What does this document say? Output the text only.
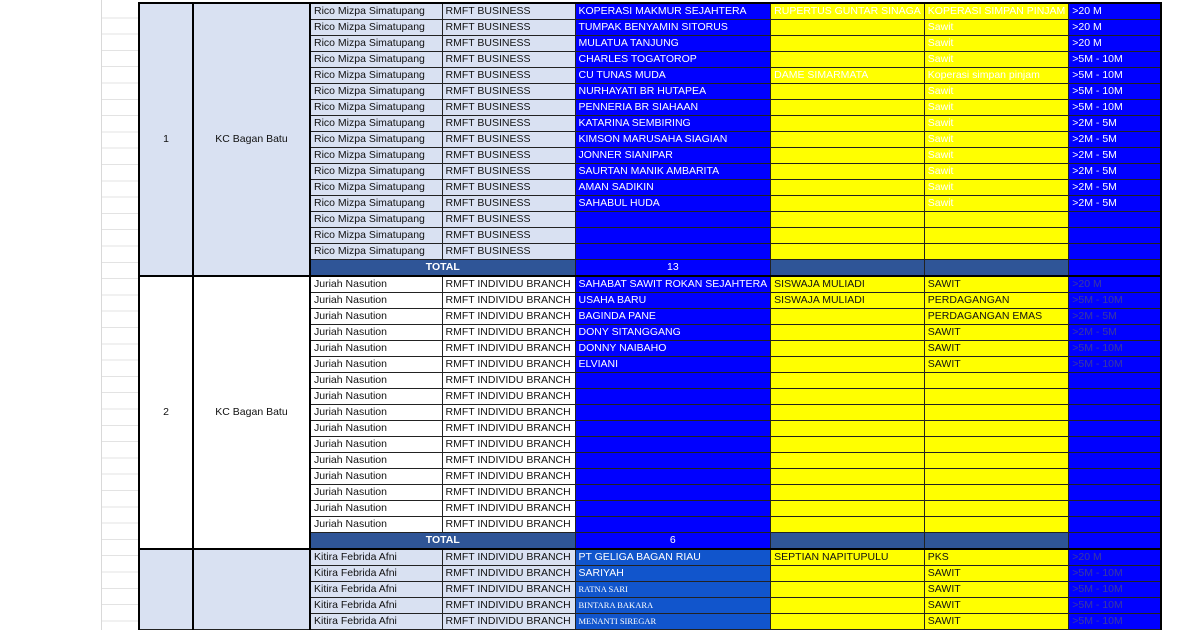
1	KC Bagan Batu	Rico Mizpa Simatupang	RMFT BUSINESS	KOPERASI MAKMUR SEJAHTERA	RUPERTUS GUNTAR SINAGA	KOPERASI SIMPAN PINJAM	>20 M
		Rico Mizpa Simatupang	RMFT BUSINESS	TUMPAK BENYAMIN SITORUS		Sawit	>20 M
		Rico Mizpa Simatupang	RMFT BUSINESS	MULATUA TANJUNG		Sawit	>20 M
		Rico Mizpa Simatupang	RMFT BUSINESS	CHARLES TOGATOROP		Sawit	>5M - 10M
		Rico Mizpa Simatupang	RMFT BUSINESS	CU TUNAS MUDA	DAME SIMARMATA	Koperasi simpan pinjam	>5M - 10M
		Rico Mizpa Simatupang	RMFT BUSINESS	NURHAYATI BR HUTAPEA		Sawit	>5M - 10M
		Rico Mizpa Simatupang	RMFT BUSINESS	PENNERIA BR SIAHAAN		Sawit	>5M - 10M
		Rico Mizpa Simatupang	RMFT BUSINESS	KATARINA SEMBIRING		Sawit	>2M - 5M
		Rico Mizpa Simatupang	RMFT BUSINESS	KIMSON MARUSAHA SIAGIAN		Sawit	>2M - 5M
		Rico Mizpa Simatupang	RMFT BUSINESS	JONNER SIANIPAR		Sawit	>2M - 5M
		Rico Mizpa Simatupang	RMFT BUSINESS	SAURTAN MANIK AMBARITA		Sawit	>2M - 5M
		Rico Mizpa Simatupang	RMFT BUSINESS	AMAN SADIKIN		Sawit	>2M - 5M
		Rico Mizpa Simatupang	RMFT BUSINESS	SAHABUL HUDA		Sawit	>2M - 5M
		Rico Mizpa Simatupang	RMFT BUSINESS				
		Rico Mizpa Simatupang	RMFT BUSINESS				
		Rico Mizpa Simatupang	RMFT BUSINESS				
		TOTAL		13			
2	KC Bagan Batu	Juriah Nasution	RMFT INDIVIDU BRANCH	SAHABAT SAWIT ROKAN SEJAHTERA	SISWAJA MULIADI	SAWIT	>20 M
		Juriah Nasution	RMFT INDIVIDU BRANCH	USAHA BARU	SISWAJA MULIADI	PERDAGANGAN	>5M - 10M
		Juriah Nasution	RMFT INDIVIDU BRANCH	BAGINDA PANE		PERDAGANGAN EMAS	>2M - 5M
		Juriah Nasution	RMFT INDIVIDU BRANCH	DONY SITANGGANG		SAWIT	>2M - 5M
		Juriah Nasution	RMFT INDIVIDU BRANCH	DONNY NAIBAHO		SAWIT	>5M - 10M
		Juriah Nasution	RMFT INDIVIDU BRANCH	ELVIANI		SAWIT	>5M - 10M
		Juriah Nasution	RMFT INDIVIDU BRANCH				
		Juriah Nasution	RMFT INDIVIDU BRANCH				
		Juriah Nasution	RMFT INDIVIDU BRANCH				
		Juriah Nasution	RMFT INDIVIDU BRANCH				
		Juriah Nasution	RMFT INDIVIDU BRANCH				
		Juriah Nasution	RMFT INDIVIDU BRANCH				
		Juriah Nasution	RMFT INDIVIDU BRANCH				
		Juriah Nasution	RMFT INDIVIDU BRANCH				
		Juriah Nasution	RMFT INDIVIDU BRANCH				
		Juriah Nasution	RMFT INDIVIDU BRANCH				
		TOTAL		6			
		Kitira Febrida Afni	RMFT INDIVIDU BRANCH	PT GELIGA BAGAN RIAU	SEPTIAN NAPITUPULU	PKS	>20 M
		Kitira Febrida Afni	RMFT INDIVIDU BRANCH	SARIYAH		SAWIT	>5M - 10M
		Kitira Febrida Afni	RMFT INDIVIDU BRANCH	RATNA SARI		SAWIT	>5M - 10M
		Kitira Febrida Afni	RMFT INDIVIDU BRANCH	BINTARA BAKARA		SAWIT	>5M - 10M
		Kitira Febrida Afni	RMFT INDIVIDU BRANCH	MENANTI SIREGAR		SAWIT	>5M - 10M
